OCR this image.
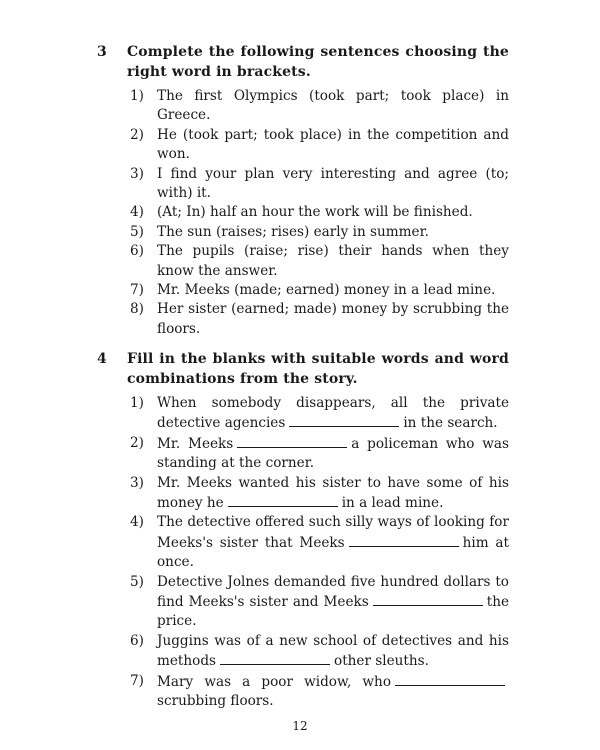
3 Complete the following sentences choosing the right word in brackets.
1) The first Olympics (took part; took place) in Greece.
2) He (took part; took place) in the competition and won.
3) I find your plan very interesting and agree (to; with) it.
4) (At; In) half an hour the work will be finished.
5) The sun (raises; rises) early in summer.
6) The pupils (raise; rise) their hands when they know the answer.
7) Mr. Meeks (made; earned) money in a lead mine.
8) Her sister (earned; made) money by scrubbing the floors.
4 Fill in the blanks with suitable words and word combinations from the story.
1) When somebody disappears, all the private detective agencies	in the search.
2) Mr. Meeks	a policeman who was standing at the corner.
3) Mr. Meeks wanted his sister to have some of his money he	in a lead mine.
4) The detective offered such silly ways of looking for Meeks's sister that Meeks	him at once.
5) Detective Jolnes demanded five hundred dollars to find Meeks's sister and Meeks	the price.
6) Juggins was of a new school of detectives and his methods	other sleuths.
7) Mary was a poor widow, whoscrubbing floors.
12
